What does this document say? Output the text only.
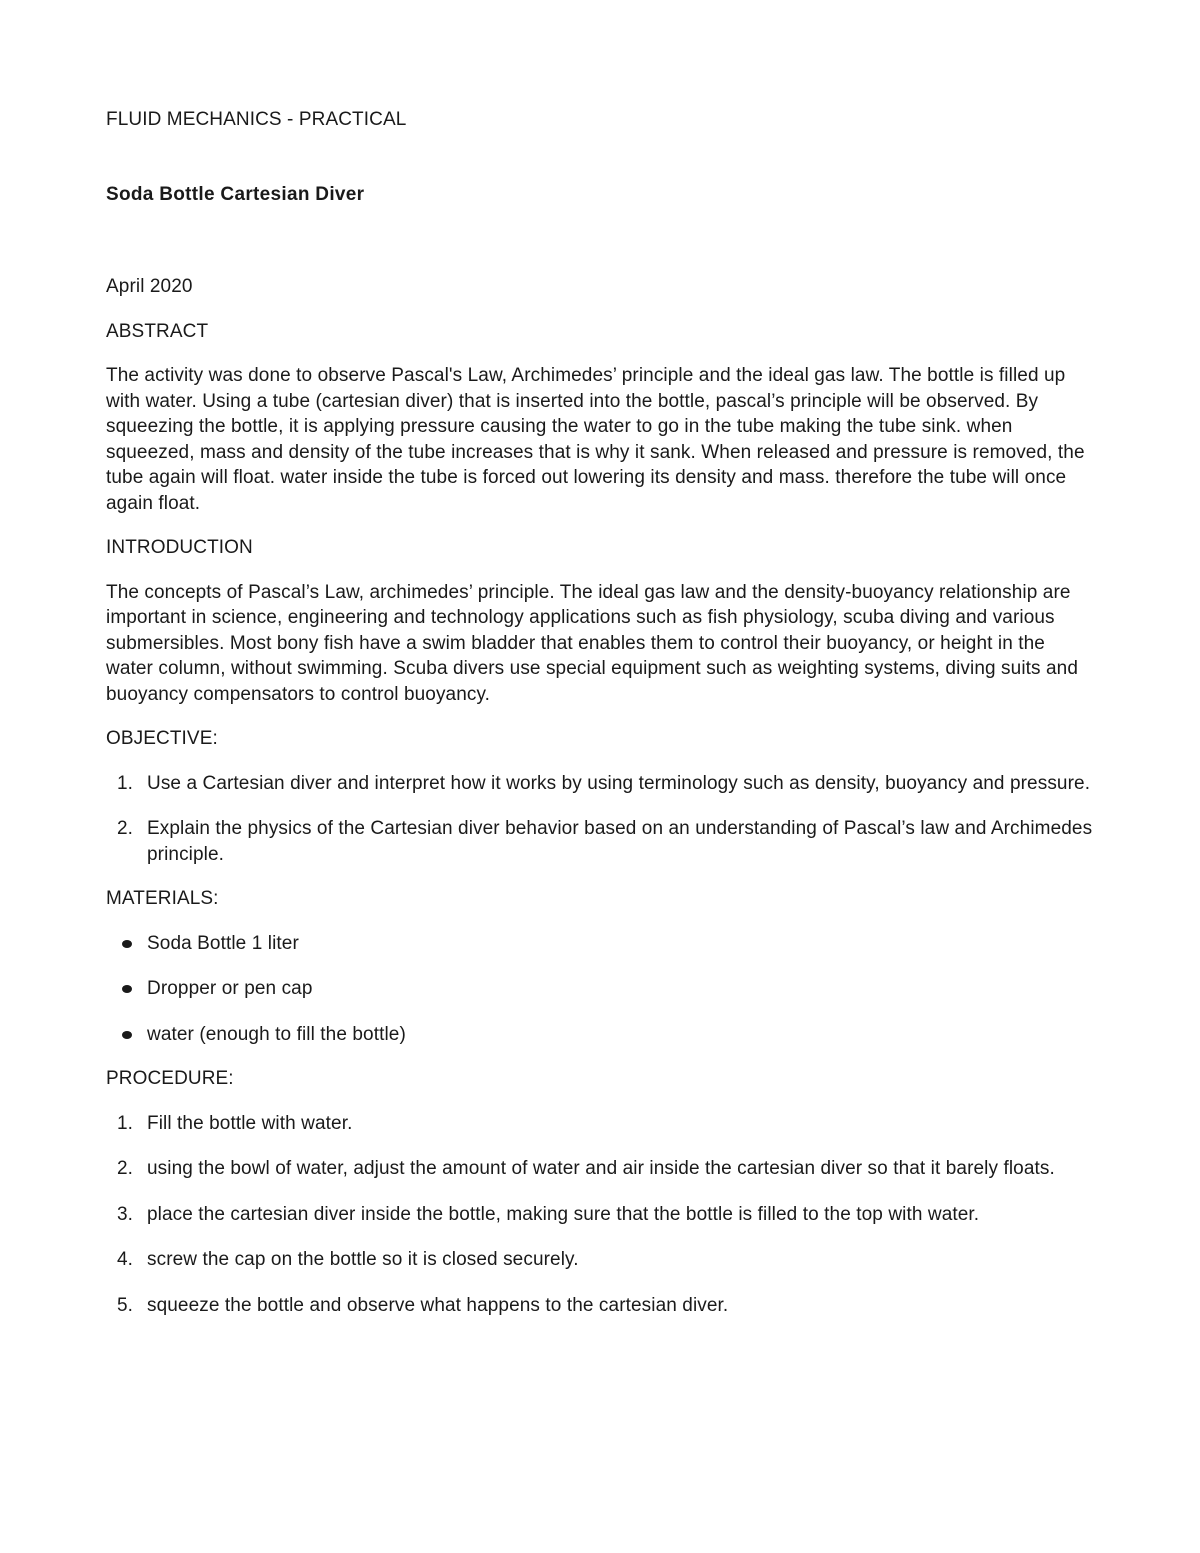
FLUID MECHANICS - PRACTICAL
Soda Bottle Cartesian Diver
April 2020
ABSTRACT
The activity was done to observe Pascal's Law, Archimedes’ principle and the ideal gas law. The bottle is filled up with water. Using a tube (cartesian diver) that is inserted into the bottle, pascal’s principle will be observed. By squeezing the bottle, it is applying pressure causing the water to go in the tube making the tube sink. when squeezed, mass and density of the tube increases that is why it sank. When released and pressure is removed, the tube again will float. water inside the tube is forced out lowering its density and mass. therefore the tube will once again float.
INTRODUCTION
The concepts of Pascal’s Law, archimedes’ principle. The ideal gas law and the density-buoyancy relationship are important in science, engineering and technology applications such as fish physiology, scuba diving and various submersibles. Most bony fish have a swim bladder that enables them to control their buoyancy, or height in the water column, without swimming. Scuba divers use special equipment such as weighting systems, diving suits and buoyancy compensators to control buoyancy.
OBJECTIVE:
1. Use a Cartesian diver and interpret how it works by using terminology such as density, buoyancy and pressure.
2. Explain the physics of the Cartesian diver behavior based on an understanding of Pascal’s law and Archimedes principle.
MATERIALS:
Soda Bottle 1 liter
Dropper or pen cap
water (enough to fill the bottle)
PROCEDURE:
1. Fill the bottle with water.
2. using the bowl of water, adjust the amount of water and air inside the cartesian diver so that it barely floats.
3. place the cartesian diver inside the bottle, making sure that the bottle is filled to the top with water.
4. screw the cap on the bottle so it is closed securely.
5. squeeze the bottle and observe what happens to the cartesian diver.
